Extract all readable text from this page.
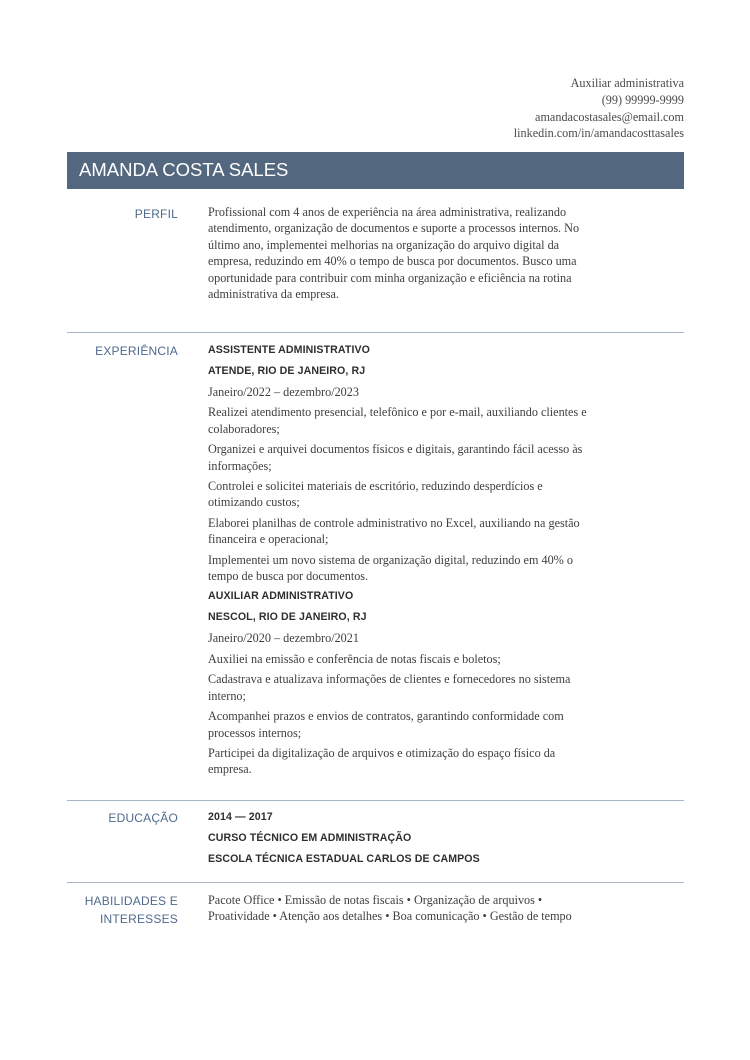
Auxiliar administrativa
(99) 99999-9999
amandacostasales@email.com
linkedin.com/in/amandacosttasales
AMANDA COSTA SALES
PERFIL Profissional com 4 anos de experiência na área administrativa, realizando atendimento, organização de documentos e suporte a processos internos. No último ano, implementei melhorias na organização do arquivo digital da empresa, reduzindo em 40% o tempo de busca por documentos. Busco uma oportunidade para contribuir com minha organização e eficiência na rotina administrativa da empresa.

EXPERIÊNCIA	ASSISTENTE ADMINISTRATIVO

ATENDE, RIO DE JANEIRO, RJ

Janeiro/2022 – dezembro/2023

Realizei atendimento presencial, telefônico e por e-mail, auxiliando clientes e colaboradores;

Organizei e arquivei documentos físicos e digitais, garantindo fácil acesso às informações;

Controlei e solicitei materiais de escritório, reduzindo desperdícios e otimizando custos;

Elaborei planilhas de controle administrativo no Excel, auxiliando na gestão financeira e operacional;

Implementei um novo sistema de organização digital, reduzindo em 40% o tempo de busca por documentos.

AUXILIAR ADMINISTRATIVO

NESCOL, RIO DE JANEIRO, RJ

Janeiro/2020 – dezembro/2021

Auxiliei na emissão e conferência de notas fiscais e boletos;

Cadastrava e atualizava informações de clientes e fornecedores no sistema interno;

Acompanhei prazos e envios de contratos, garantindo conformidade com processos internos;

Participei da digitalização de arquivos e otimização do espaço físico da empresa.

EDUCAÇÃO	2014 — 2017

CURSO TÉCNICO EM ADMINISTRAÇÃO

ESCOLA TÉCNICA ESTADUAL CARLOS DE CAMPOS

HABILIDADES E
INTERESSES

Pacote Office • Emissão de notas fiscais • Organização de arquivos • Proatividade • Atenção aos detalhes • Boa comunicação • Gestão de tempo
